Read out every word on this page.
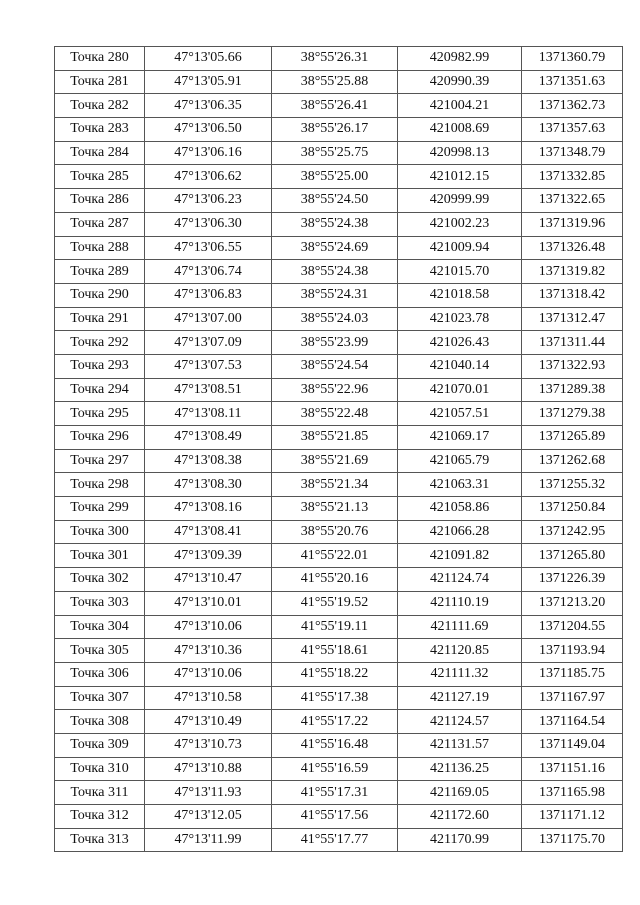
Точка 280	47°13'05.66	38°55'26.31	420982.99	1371360.79
Точка 281	47°13'05.91	38°55'25.88	420990.39	1371351.63
Точка 282	47°13'06.35	38°55'26.41	421004.21	1371362.73
Точка 283	47°13'06.50	38°55'26.17	421008.69	1371357.63
Точка 284	47°13'06.16	38°55'25.75	420998.13	1371348.79
Точка 285	47°13'06.62	38°55'25.00	421012.15	1371332.85
Точка 286	47°13'06.23	38°55'24.50	420999.99	1371322.65
Точка 287	47°13'06.30	38°55'24.38	421002.23	1371319.96
Точка 288	47°13'06.55	38°55'24.69	421009.94	1371326.48
Точка 289	47°13'06.74	38°55'24.38	421015.70	1371319.82
Точка 290	47°13'06.83	38°55'24.31	421018.58	1371318.42
Точка 291	47°13'07.00	38°55'24.03	421023.78	1371312.47
Точка 292	47°13'07.09	38°55'23.99	421026.43	1371311.44
Точка 293	47°13'07.53	38°55'24.54	421040.14	1371322.93
Точка 294	47°13'08.51	38°55'22.96	421070.01	1371289.38
Точка 295	47°13'08.11	38°55'22.48	421057.51	1371279.38
Точка 296	47°13'08.49	38°55'21.85	421069.17	1371265.89
Точка 297	47°13'08.38	38°55'21.69	421065.79	1371262.68
Точка 298	47°13'08.30	38°55'21.34	421063.31	1371255.32
Точка 299	47°13'08.16	38°55'21.13	421058.86	1371250.84
Точка 300	47°13'08.41	38°55'20.76	421066.28	1371242.95
Точка 301	47°13'09.39	41°55'22.01	421091.82	1371265.80
Точка 302	47°13'10.47	41°55'20.16	421124.74	1371226.39
Точка 303	47°13'10.01	41°55'19.52	421110.19	1371213.20
Точка 304	47°13'10.06	41°55'19.11	421111.69	1371204.55
Точка 305	47°13'10.36	41°55'18.61	421120.85	1371193.94
Точка 306	47°13'10.06	41°55'18.22	421111.32	1371185.75
Точка 307	47°13'10.58	41°55'17.38	421127.19	1371167.97
Точка 308	47°13'10.49	41°55'17.22	421124.57	1371164.54
Точка 309	47°13'10.73	41°55'16.48	421131.57	1371149.04
Точка 310	47°13'10.88	41°55'16.59	421136.25	1371151.16
Точка 311	47°13'11.93	41°55'17.31	421169.05	1371165.98
Точка 312	47°13'12.05	41°55'17.56	421172.60	1371171.12
Точка 313	47°13'11.99	41°55'17.77	421170.99	1371175.70
